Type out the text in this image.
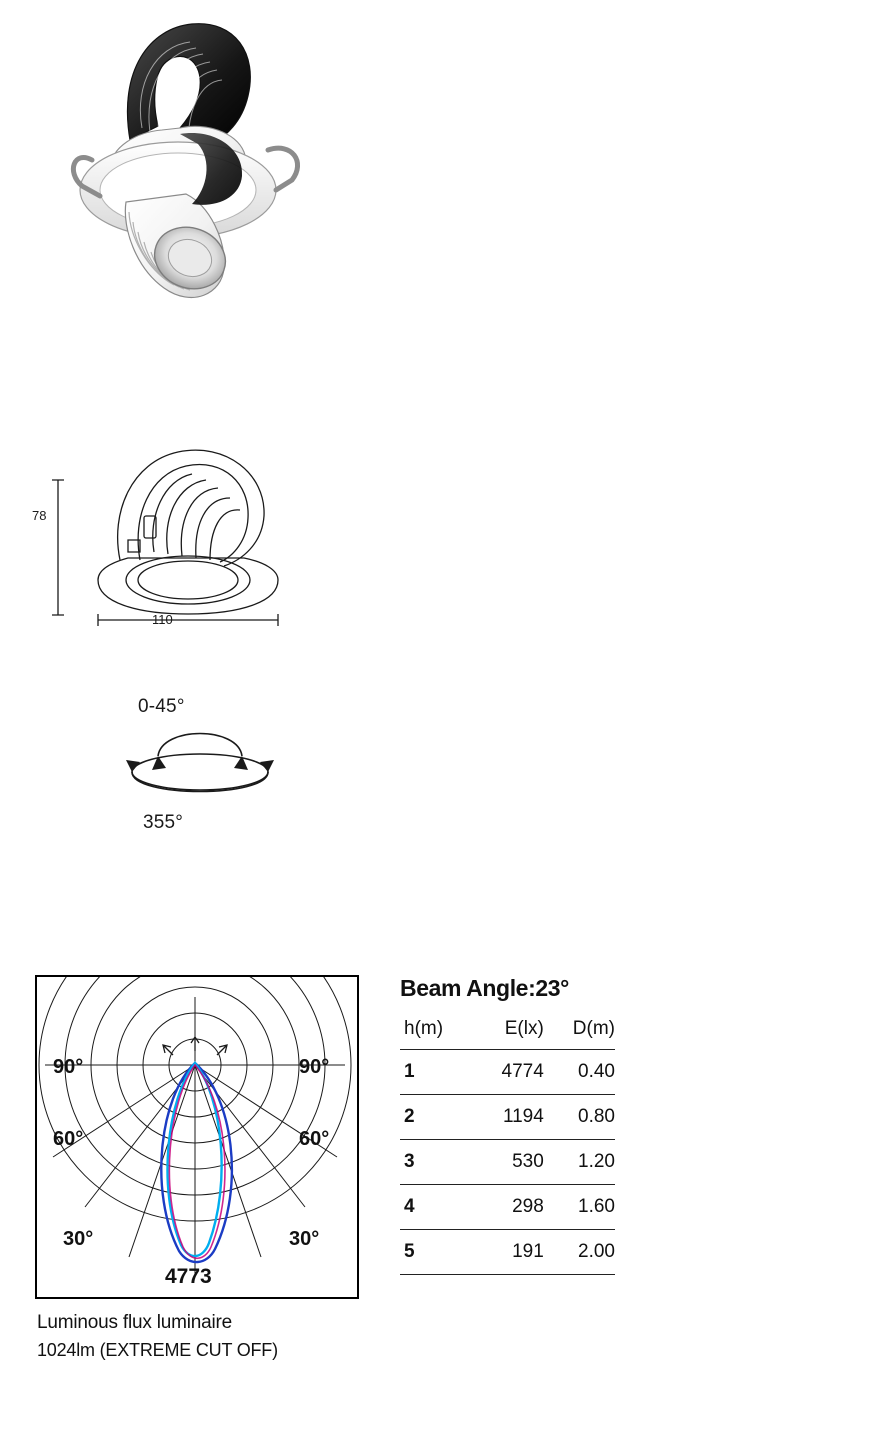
78
110
0-45°
355°
90°	90°
60°	60°
30°	30°
4773
Luminous flux luminaire
1024lm (EXTREME CUT OFF)
Beam Angle:23°
h(m)	E(lx)	D(m)
1	4774	0.40
2	1194	0.80
3	530	1.20
4	298	1.60
5	191	2.00
